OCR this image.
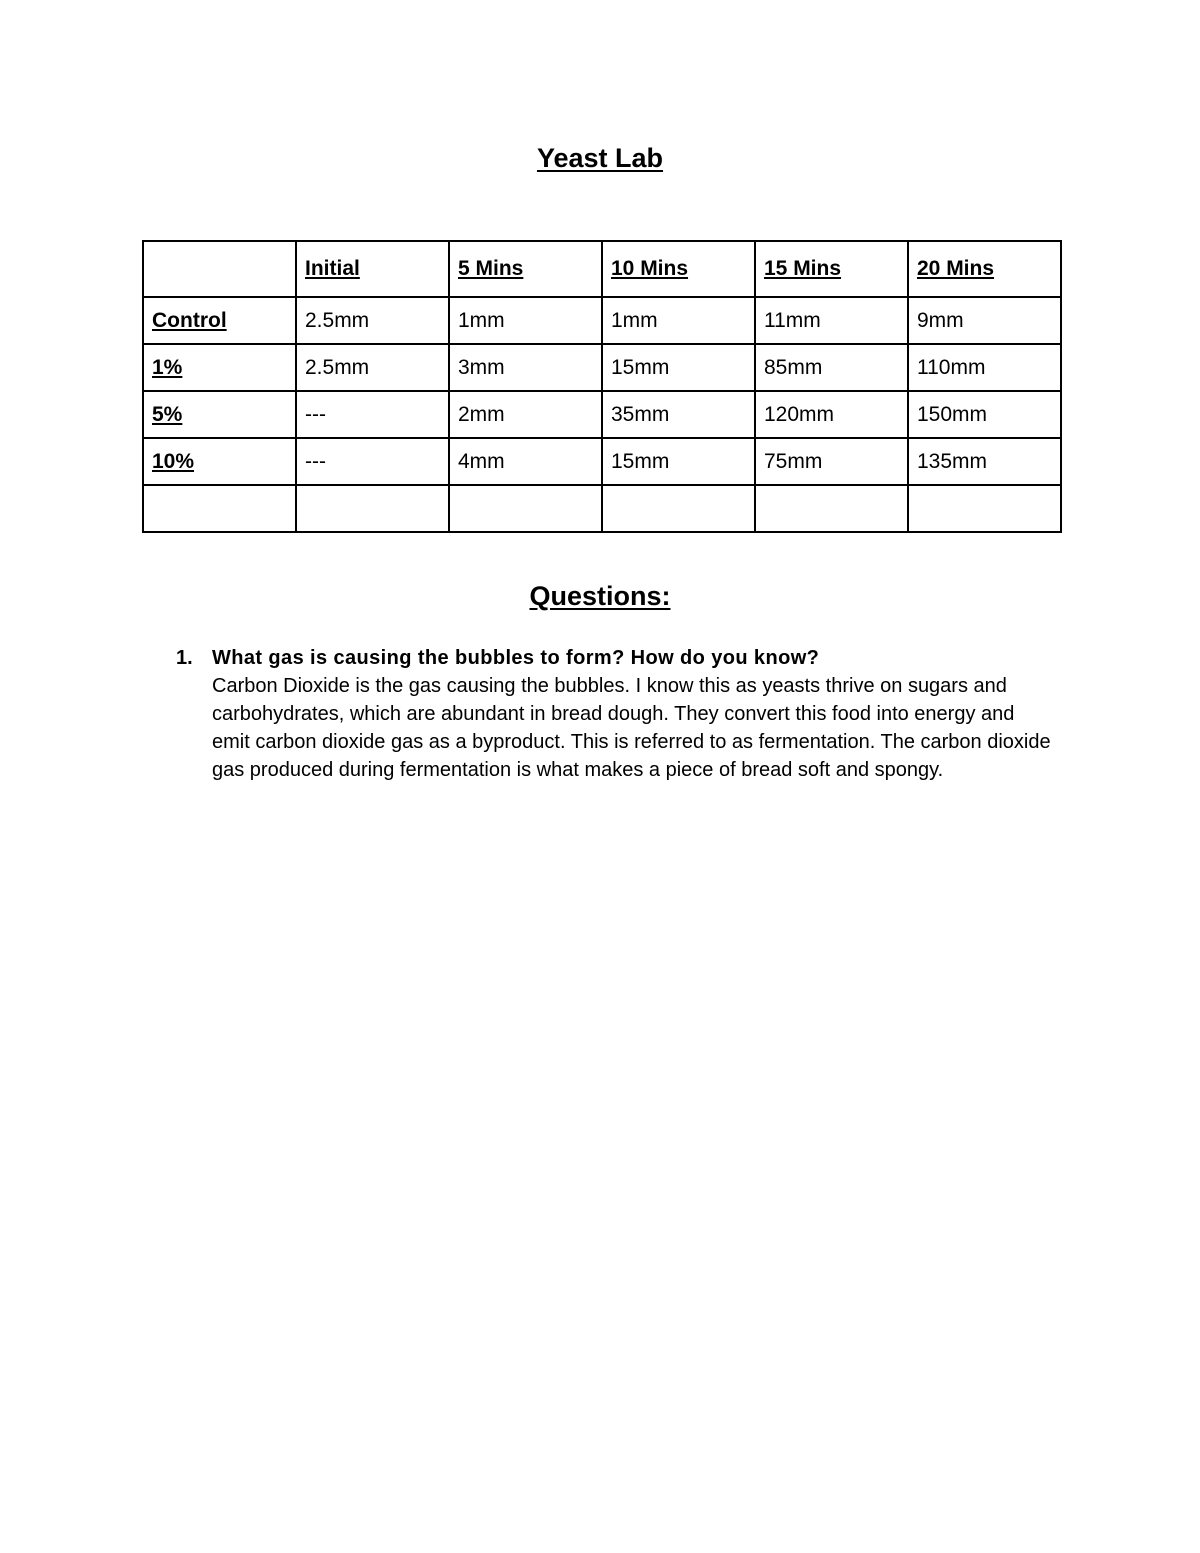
Yeast Lab
	Initial	5 Mins	10 Mins	15 Mins	20 Mins
Control	2.5mm	1mm	1mm	11mm	9mm
1%	2.5mm	3mm	15mm	85mm	110mm
5%	---	2mm	35mm	120mm	150mm
10%	---	4mm	15mm	75mm	135mm

Questions:
1. What gas is causing the bubbles to form? How do you know?
Carbon Dioxide is the gas causing the bubbles. I know this as yeasts thrive on sugars and carbohydrates, which are abundant in bread dough. They convert this food into energy and emit carbon dioxide gas as a byproduct. This is referred to as fermentation. The carbon dioxide gas produced during fermentation is what makes a piece of bread soft and spongy.
